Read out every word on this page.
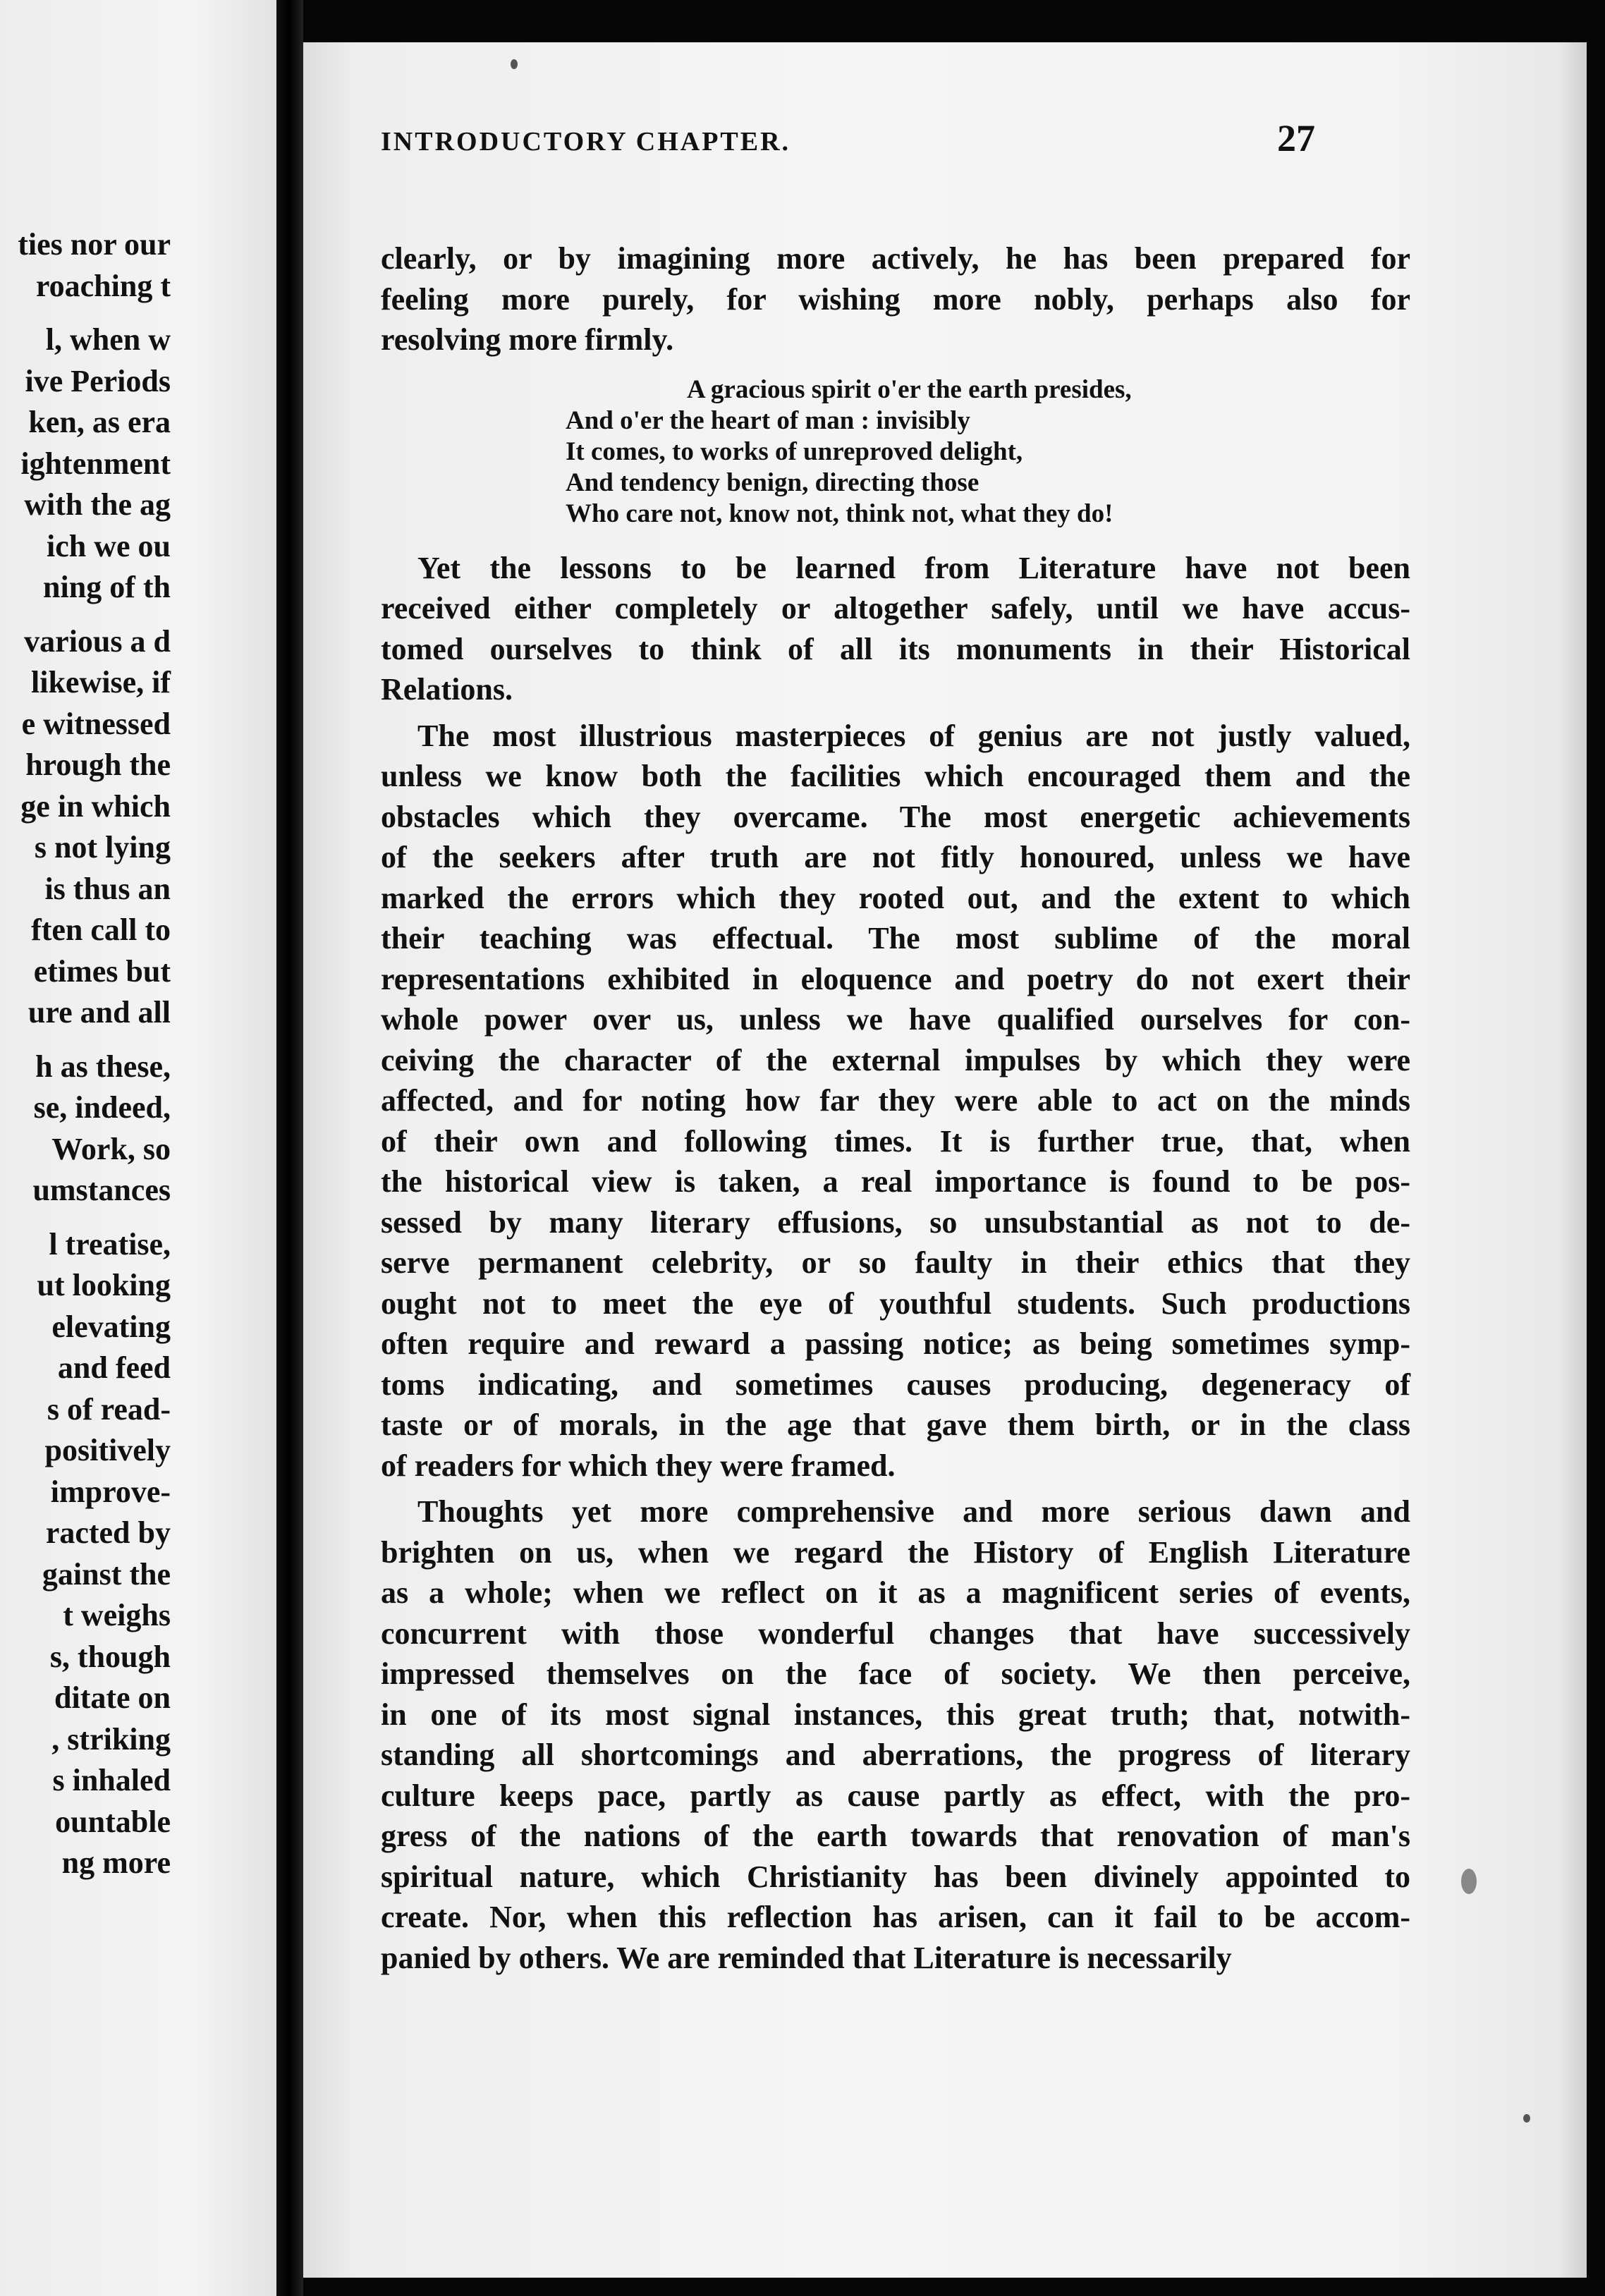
ties nor our
roaching t
l, when w
ive Periods
ken, as era
ightenment
with the ag
ich we ou
ning of th
various a d
likewise, if
e witnessed
hrough the
ge in which
s not lying
is thus an
ften call to
etimes but
ure and all
h as these,
se, indeed,
Work, so
umstances
l treatise,
ut looking
elevating
and feed
s of read-
positively
improve-
racted by
gainst the
t weighs
s, though
ditate on
, striking
s inhaled
ountable
ng more
INTRODUCTORY CHAPTER.	27
clearly, or by imagining more actively, he has been prepared for
feeling more purely, for wishing more nobly, perhaps also for
resolving more firmly.
A gracious spirit o'er the earth presides,
And o'er the heart of man : invisibly
It comes, to works of unreproved delight,
And tendency benign, directing those
Who care not, know not, think not, what they do!
Yet the lessons to be learned from Literature have not been
received either completely or altogether safely, until we have accus-
tomed ourselves to think of all its monuments in their Historical
Relations.
The most illustrious masterpieces of genius are not justly valued,
unless we know both the facilities which encouraged them and the
obstacles which they overcame. The most energetic achievements
of the seekers after truth are not fitly honoured, unless we have
marked the errors which they rooted out, and the extent to which
their teaching was effectual. The most sublime of the moral
representations exhibited in eloquence and poetry do not exert their
whole power over us, unless we have qualified ourselves for con-
ceiving the character of the external impulses by which they were
affected, and for noting how far they were able to act on the minds
of their own and following times. It is further true, that, when
the historical view is taken, a real importance is found to be pos-
sessed by many literary effusions, so unsubstantial as not to de-
serve permanent celebrity, or so faulty in their ethics that they
ought not to meet the eye of youthful students. Such productions
often require and reward a passing notice; as being sometimes symp-
toms indicating, and sometimes causes producing, degeneracy of
taste or of morals, in the age that gave them birth, or in the class
of readers for which they were framed.
Thoughts yet more comprehensive and more serious dawn and
brighten on us, when we regard the History of English Literature
as a whole; when we reflect on it as a magnificent series of events,
concurrent with those wonderful changes that have successively
impressed themselves on the face of society. We then perceive,
in one of its most signal instances, this great truth; that, notwith-
standing all shortcomings and aberrations, the progress of literary
culture keeps pace, partly as cause partly as effect, with the pro-
gress of the nations of the earth towards that renovation of man's
spiritual nature, which Christianity has been divinely appointed to
create. Nor, when this reflection has arisen, can it fail to be accom-
panied by others. We are reminded that Literature is necessarily
